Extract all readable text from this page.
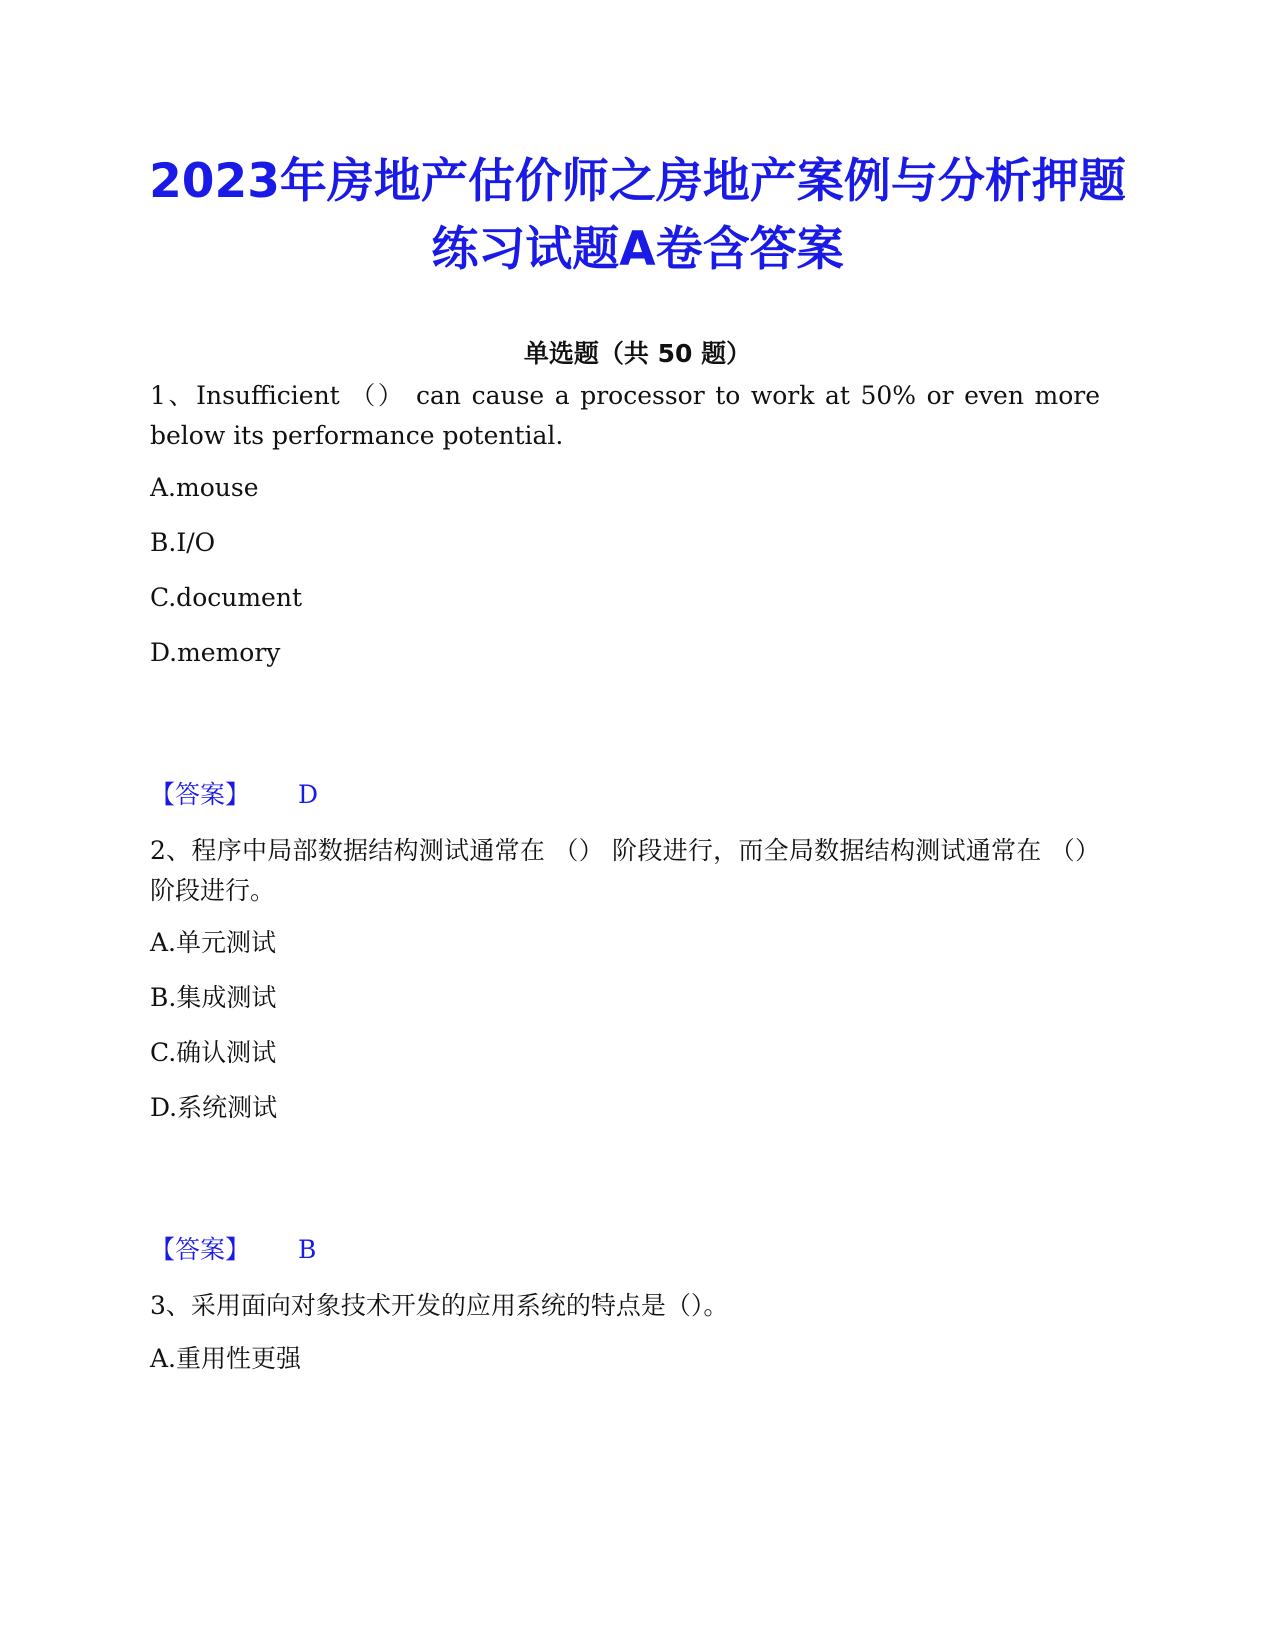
2023年房地产估价师之房地产案例与分析押题练习试题A卷含答案
单选题（共 50 题）
1、Insufficient （） can cause a processor to work at 50% or even more below its performance potential.
A.mouse
B.I/O
C.document
D.memory
【答案】 D
2、程序中局部数据结构测试通常在 （） 阶段进行，而全局数据结构测试通常在 （）阶段进行。
A.单元测试
B.集成测试
C.确认测试
D.系统测试
【答案】 B
3、采用面向对象技术开发的应用系统的特点是（）。
A.重用性更强
